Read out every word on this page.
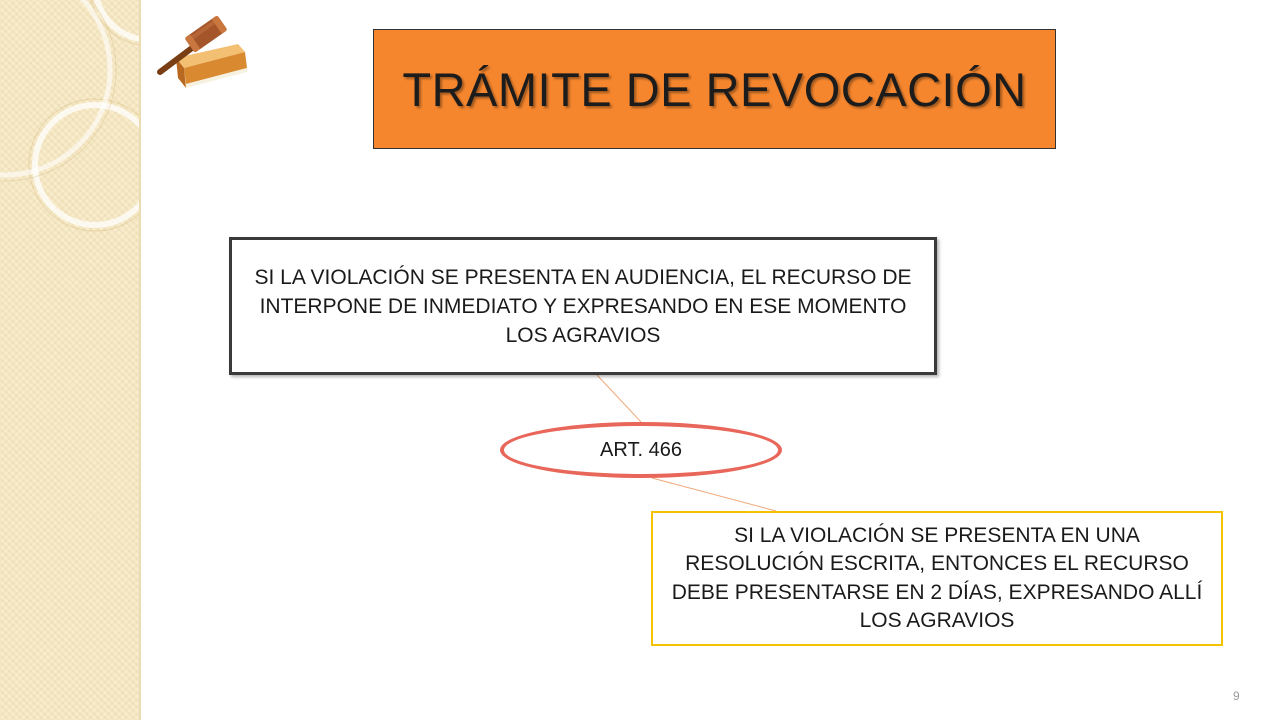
TRÁMITE DE REVOCACIÓN
SI LA VIOLACIÓN SE PRESENTA EN AUDIENCIA, EL RECURSO DE
INTERPONE DE INMEDIATO Y EXPRESANDO EN ESE MOMENTO
LOS AGRAVIOS
ART. 466
SI LA VIOLACIÓN SE PRESENTA EN UNA
RESOLUCIÓN ESCRITA, ENTONCES EL RECURSO
DEBE PRESENTARSE EN 2 DÍAS, EXPRESANDO ALLÍ
LOS AGRAVIOS
9
